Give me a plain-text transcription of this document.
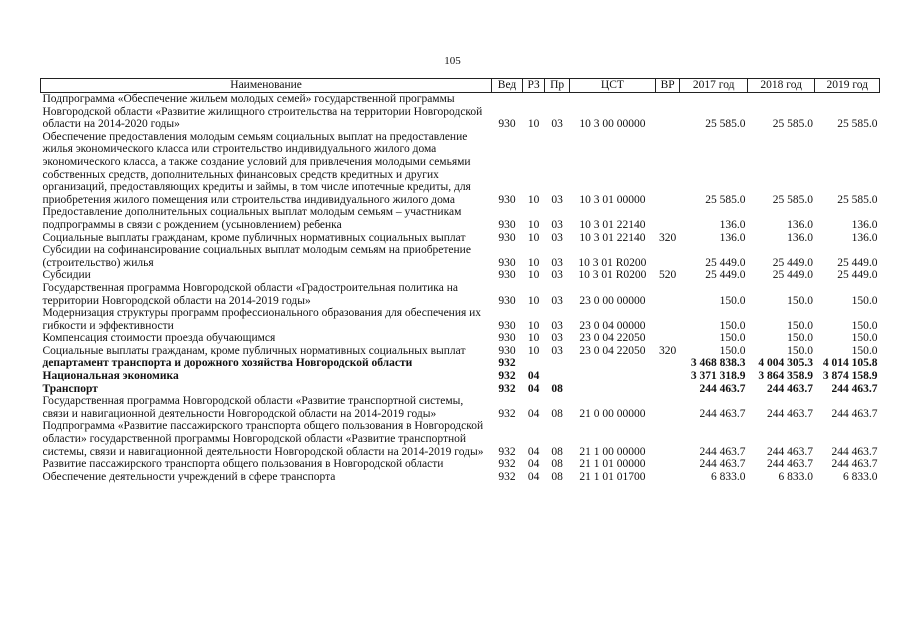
105
Наименование	Вед	РЗ	Пр	ЦСТ	ВР	2017 год	2018 год	2019 год
Подпрограмма «Обеспечение жильем молодых семей» государственной программы Новгородской области «Развитие жилищного строительства на территории Новгородской области на 2014-2020 годы»	930	10	03	10 3 00 00000		25 585.0	25 585.0	25 585.0
Обеспечение предоставления молодым семьям социальных выплат на предоставление жилья экономического класса или строительство индивидуального жилого дома экономического класса, а также создание условий для привлечения молодыми семьями собственных средств, дополнительных финансовых средств кредитных и других организаций, предоставляющих кредиты и займы, в том числе ипотечные кредиты, для приобретения жилого помещения или строительства индивидуального жилого дома	930	10	03	10 3 01 00000		25 585.0	25 585.0	25 585.0
Предоставление дополнительных социальных выплат молодым семьям – участникам подпрограммы в связи с рождением (усыновлением) ребенка	930	10	03	10 3 01 22140		136.0	136.0	136.0
Социальные выплаты гражданам, кроме публичных нормативных социальных выплат	930	10	03	10 3 01 22140	320	136.0	136.0	136.0
Субсидии на софинансирование социальных выплат молодым семьям на приобретение (строительство) жилья	930	10	03	10 3 01 R0200		25 449.0	25 449.0	25 449.0
Субсидии	930	10	03	10 3 01 R0200	520	25 449.0	25 449.0	25 449.0
Государственная программа Новгородской области «Градостроительная политика на территории Новгородской области на 2014-2019 годы»	930	10	03	23 0 00 00000		150.0	150.0	150.0
Модернизация структуры программ профессионального образования для обеспечения их гибкости и эффективности	930	10	03	23 0 04 00000		150.0	150.0	150.0
Компенсация стоимости проезда обучающимся	930	10	03	23 0 04 22050		150.0	150.0	150.0
Социальные выплаты гражданам, кроме публичных нормативных социальных выплат	930	10	03	23 0 04 22050	320	150.0	150.0	150.0
департамент транспорта и дорожного хозяйства Новгородской области	932					3 468 838.3	4 004 305.3	4 014 105.8
Национальная экономика	932	04				3 371 318.9	3 864 358.9	3 874 158.9
Транспорт	932	04	08			244 463.7	244 463.7	244 463.7
Государственная программа Новгородской области «Развитие транспортной системы, связи и навигационной деятельности Новгородской области на 2014-2019 годы»	932	04	08	21 0 00 00000		244 463.7	244 463.7	244 463.7
Подпрограмма «Развитие пассажирского транспорта общего пользования в Новгородской области» государственной программы Новгородской области «Развитие транспортной системы, связи и навигационной деятельности Новгородской области на 2014-2019 годы»	932	04	08	21 1 00 00000		244 463.7	244 463.7	244 463.7
Развитие пассажирского транспорта общего пользования в Новгородской области	932	04	08	21 1 01 00000		244 463.7	244 463.7	244 463.7
Обеспечение деятельности учреждений в сфере транспорта	932	04	08	21 1 01 01700		6 833.0	6 833.0	6 833.0
